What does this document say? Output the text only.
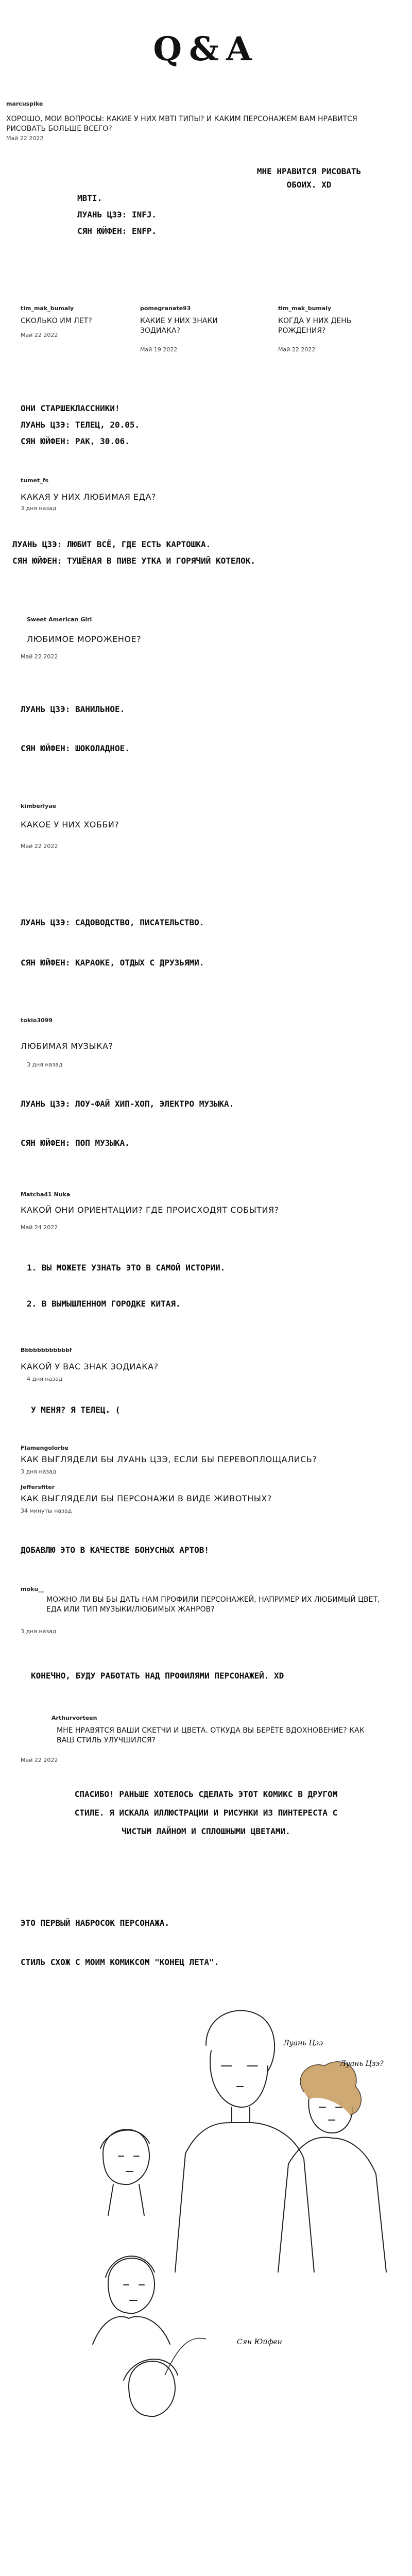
Q&A
marcuspike
ХОРОШО, МОИ ВОПРОСЫ: КАКИЕ У НИХ МВТI ТИПЫ? И КАКИМ ПЕРСОНАЖЕМ ВАМ НРАВИТСЯ РИСОВАТЬ БОЛЬШЕ ВСЕГО?
Май 22 2022
МНЕ НРАВИТСЯ РИСОВАТЬ ОБОИХ. XD
MBTI.
ЛУАНЬ ЦЗЭ: INFJ.
СЯН ЮЙФЕН: ENFP.
tim_mak_bumaly
СКОЛЬКО ИМ ЛЕТ?
Май 22 2022
pomegranate93
КАКИЕ У НИХ ЗНАКИ ЗОДИАКА?
Май 19 2022
tim_mak_bumaly
КОГДА У НИХ ДЕНЬ РОЖДЕНИЯ?
Май 22 2022
ОНИ СТАРШЕКЛАССНИКИ!
ЛУАНЬ ЦЗЭ: ТЕЛЕЦ, 20.05.
СЯН ЮЙФЕН: РАК, 30.06.
tumet_fs
КАКАЯ У НИХ ЛЮБИМАЯ ЕДА?
3 дня назад
ЛУАНЬ ЦЗЭ: ЛЮБИТ ВСЁ, ГДЕ ЕСТЬ КАРТОШКА.
СЯН ЮЙФЕН: ТУШЁНАЯ В ПИВЕ УТКА И ГОРЯЧИЙ КОТЕЛОК.
Sweet American Girl
ЛЮБИМОЕ МОРОЖЕНОЕ?
Май 22 2022
ЛУАНЬ ЦЗЭ: ВАНИЛЬНОЕ.
СЯН ЮЙФЕН: ШОКОЛАДНОЕ.
kimberlyae
КАКОЕ У НИХ ХОББИ?
Май 22 2022
ЛУАНЬ ЦЗЭ: САДОВОДСТВО, ПИСАТЕЛЬСТВО.
СЯН ЮЙФЕН: КАРАОКЕ, ОТДЫХ С ДРУЗЬЯМИ.
tokio3099
ЛЮБИМАЯ МУЗЫКА?
3 дня назад
ЛУАНЬ ЦЗЭ: ЛОУ-ФАЙ ХИП-ХОП, ЭЛЕКТРО МУЗЫКА.
СЯН ЮЙФЕН: ПОП МУЗЫКА.
Matcha41 Nuka
КАКОЙ ОНИ ОРИЕНТАЦИИ? ГДЕ ПРОИСХОДЯТ СОБЫТИЯ?
Май 24 2022
1. ВЫ МОЖЕТЕ УЗНАТЬ ЭТО В САМОЙ ИСТОРИИ.
2. В ВЫМЫШЛЕННОМ ГОРОДКЕ КИТАЯ.
Bbbbbbbbbbbbf
КАКОЙ У ВАС ЗНАК ЗОДИАКА?
4 дня назад
У МЕНЯ? Я ТЕЛЕЦ. (
Flamengolorbe
КАК ВЫГЛЯДЕЛИ БЫ ЛУАНЬ ЦЗЭ, ЕСЛИ БЫ ПЕРЕВОПЛОЩАЛИСЬ?
3 дня назад
Jeffersfiter
КАК ВЫГЛЯДЕЛИ БЫ ПЕРСОНАЖИ В ВИДЕ ЖИВОТНЫХ?
34 минуты назад
ДОБАВЛЮ ЭТО В КАЧЕСТВЕ БОНУСНЫХ АРТОВ!
moku__
МОЖНО ЛИ ВЫ БЫ ДАТЬ НАМ ПРОФИЛИ ПЕРСОНАЖЕЙ, НАПРИМЕР ИХ ЛЮБИМЫЙ ЦВЕТ, ЕДА ИЛИ ТИП МУЗЫКИ/ЛЮБИМЫХ ЖАНРОВ?
3 дня назад
КОНЕЧНО, БУДУ РАБОТАТЬ НАД ПРОФИЛЯМИ ПЕРСОНАЖЕЙ. XD
Arthurvorteen
МНЕ НРАВЯТСЯ ВАШИ СКЕТЧИ И ЦВЕТА. ОТКУДА ВЫ БЕРЁТЕ ВДОХНОВЕНИЕ? КАК ВАШ СТИЛЬ УЛУЧШИЛСЯ?
Май 22 2022
СПАСИБО! РАНЬШЕ ХОТЕЛОСЬ СДЕЛАТЬ ЭТОТ КОМИКС В ДРУГОМ
СТИЛЕ. Я ИСКАЛА ИЛЛЮСТРАЦИИ И РИСУНКИ ИЗ ПИНТЕРЕСТА С
ЧИСТЫМ ЛАЙНОМ И СПЛОШНЫМИ ЦВЕТАМИ.
ЭТО ПЕРВЫЙ НАБРОСОК ПЕРСОНАЖА.
СТИЛЬ СХОЖ С МОИМ КОМИКСОМ "КОНЕЦ ЛЕТА".
Луань Цзэ
Луань Цзэ?
Сян Юйфен
